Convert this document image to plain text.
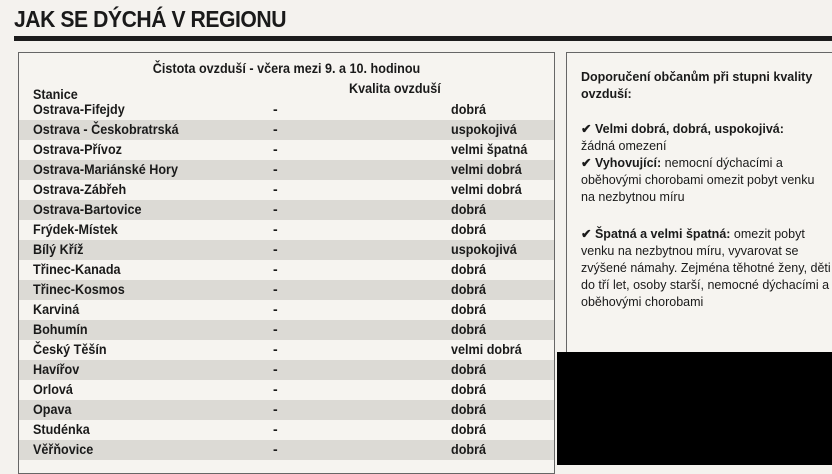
JAK SE DÝCHÁ V REGIONU
Čistota ovzduší - včera mezi 9. a 10. hodinou
Stanice	Kvalita ovzduší
Ostrava-Fifejdy	-	dobrá
Ostrava - Českobratrská	-	uspokojivá
Ostrava-Přívoz	-	velmi špatná
Ostrava-Mariánské Hory	-	velmi dobrá
Ostrava-Zábřeh	-	velmi dobrá
Ostrava-Bartovice	-	dobrá
Frýdek-Místek	-	dobrá
Bílý Kříž	-	uspokojivá
Třinec-Kanada	-	dobrá
Třinec-Kosmos	-	dobrá
Karviná	-	dobrá
Bohumín	-	dobrá
Český Těšín	-	velmi dobrá
Havířov	-	dobrá
Orlová	-	dobrá
Opava	-	dobrá
Studénka	-	dobrá
Věřňovice	-	dobrá
Doporučení občanům při stupni kvality ovzduší:
✔ Velmi dobrá, dobrá, uspokojivá:
žádná omezení
✔ Vyhovující: nemocní dýchacími a oběhovými chorobami omezit pobyt venku na nezbytnou míru
✔ Špatná a velmi špatná: omezit pobyt venku na nezbytnou míru, vyvarovat se zvýšené námahy. Zejména těhotné ženy, děti do tří let, osoby starší, nemocné dýchacími a oběhovými chorobami
